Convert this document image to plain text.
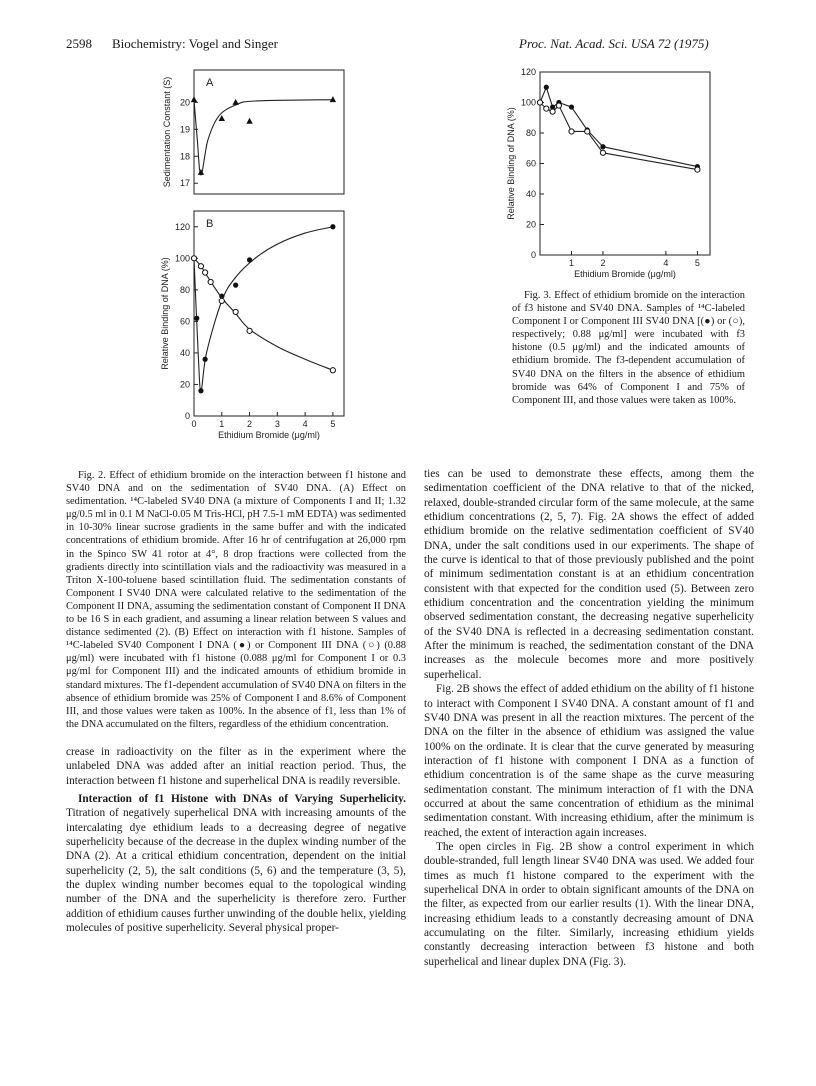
2598 Biochemistry: Vogel and Singer	Proc. Nat. Acad. Sci. USA 72 (1975)
17
18
19
20
Sedimentation Constant (S)	A
0
20
40
60
80
100
120
0	1	2	3	4	5
Ethidium Bromide (μg/ml)
Relative Binding of DNA (%)
B
0
20
40
60
80
100
120
1	2	4	5
Ethidium Bromide (μg/ml)
Relative Binding of DNA (%)

Fig. 2. Effect of ethidium bromide on the interaction between f1 histone and SV40 DNA and on the sedimentation of SV40 DNA. (A) Effect on sedimentation. ¹⁴C-labeled SV40 DNA (a mixture of Components I and II; 1.32 μg/0.5 ml in 0.1 M NaCl-0.05 M Tris-HCl, pH 7.5-1 mM EDTA) was sedimented in 10-30% linear sucrose gradients in the same buffer and with the indicated concentrations of ethidium bromide. After 16 hr of centrifugation at 26,000 rpm in the Spinco SW 41 rotor at 4°, 8 drop fractions were collected from the gradients directly into scintillation vials and the radioactivity was measured in a Triton X-100-toluene based scintillation fluid. The sedimentation constants of Component I SV40 DNA were calculated relative to the sedimentation of the Component II DNA, assuming the sedimentation constant of Component II DNA to be 16 S in each gradient, and assuming a linear relation between S values and distance sedimented (2). (B) Effect on interaction with f1 histone. Samples of ¹⁴C-labeled SV40 Component I DNA (●) or Component III DNA (○) (0.88 μg/ml) were incubated with f1 histone (0.088 μg/ml for Component I or 0.3 μg/ml for Component III) and the indicated amounts of ethidium bromide in standard mixtures. The f1-dependent accumulation of SV40 DNA on filters in the absence of ethidium bromide was 25% of Component I and 8.6% of Component III, and those values were taken as 100%. In the absence of f1, less than 1% of the DNA accumulated on the filters, regardless of the ethidium concentration.

Fig. 3. Effect of ethidium bromide on the interaction of f3 histone and SV40 DNA. Samples of ¹⁴C-labeled Component I or Component III SV40 DNA [(●) or (○), respectively; 0.88 μg/ml] were incubated with f3 histone (0.5 μg/ml) and the indicated amounts of ethidium bromide. The f3-dependent accumulation of SV40 DNA on the filters in the absence of ethidium bromide was 64% of Component I and 75% of Component III, and those values were taken as 100%.

crease in radioactivity on the filter as in the experiment where the unlabeled DNA was added after an initial reaction period. Thus, the interaction between f1 histone and superhelical DNA is readily reversible.

Interaction of f1 Histone with DNAs of Varying Superhelicity. Titration of negatively superhelical DNA with increasing amounts of the intercalating dye ethidium leads to a decreasing degree of negative superhelicity because of the decrease in the duplex winding number of the DNA (2). At a critical ethidium concentration, dependent on the initial superhelicity (2, 5), the salt conditions (5, 6) and the temperature (3, 5), the duplex winding number becomes equal to the topological winding number of the DNA and the superhelicity is therefore zero. Further addition of ethidium causes further unwinding of the double helix, yielding molecules of positive superhelicity. Several physical proper-

ties can be used to demonstrate these effects, among them the sedimentation coefficient of the DNA relative to that of the nicked, relaxed, double-stranded circular form of the same molecule, at the same ethidium concentrations (2, 5, 7). Fig. 2A shows the effect of added ethidium bromide on the relative sedimentation coefficient of SV40 DNA, under the salt conditions used in our experiments. The shape of the curve is identical to that of those previously published and the point of minimum sedimentation constant is at an ethidium concentration consistent with that expected for the condition used (5). Between zero ethidium concentration and the concentration yielding the minimum observed sedimentation constant, the decreasing negative superhelicity of the SV40 DNA is reflected in a decreasing sedimentation constant. After the minimum is reached, the sedimentation constant of the DNA increases as the molecule becomes more and more positively superhelical.

Fig. 2B shows the effect of added ethidium on the ability of f1 histone to interact with Component I SV40 DNA. A constant amount of f1 and SV40 DNA was present in all the reaction mixtures. The percent of the DNA on the filter in the absence of ethidium was assigned the value 100% on the ordinate. It is clear that the curve generated by measuring interaction of f1 histone with component I DNA as a function of ethidium concentration is of the same shape as the curve measuring sedimentation constant. The minimum interaction of f1 with the DNA occurred at about the same concentration of ethidium as the minimal sedimentation constant. With increasing ethidium, after the minimum is reached, the extent of interaction again increases.

The open circles in Fig. 2B show a control experiment in which double-stranded, full length linear SV40 DNA was used. We added four times as much f1 histone compared to the experiment with the superhelical DNA in order to obtain significant amounts of the DNA on the filter, as expected from our earlier results (1). With the linear DNA, increasing ethidium leads to a constantly decreasing amount of DNA accumulating on the filter. Similarly, increasing ethidium yields constantly decreasing interaction between f3 histone and both superhelical and linear duplex DNA (Fig. 3).
